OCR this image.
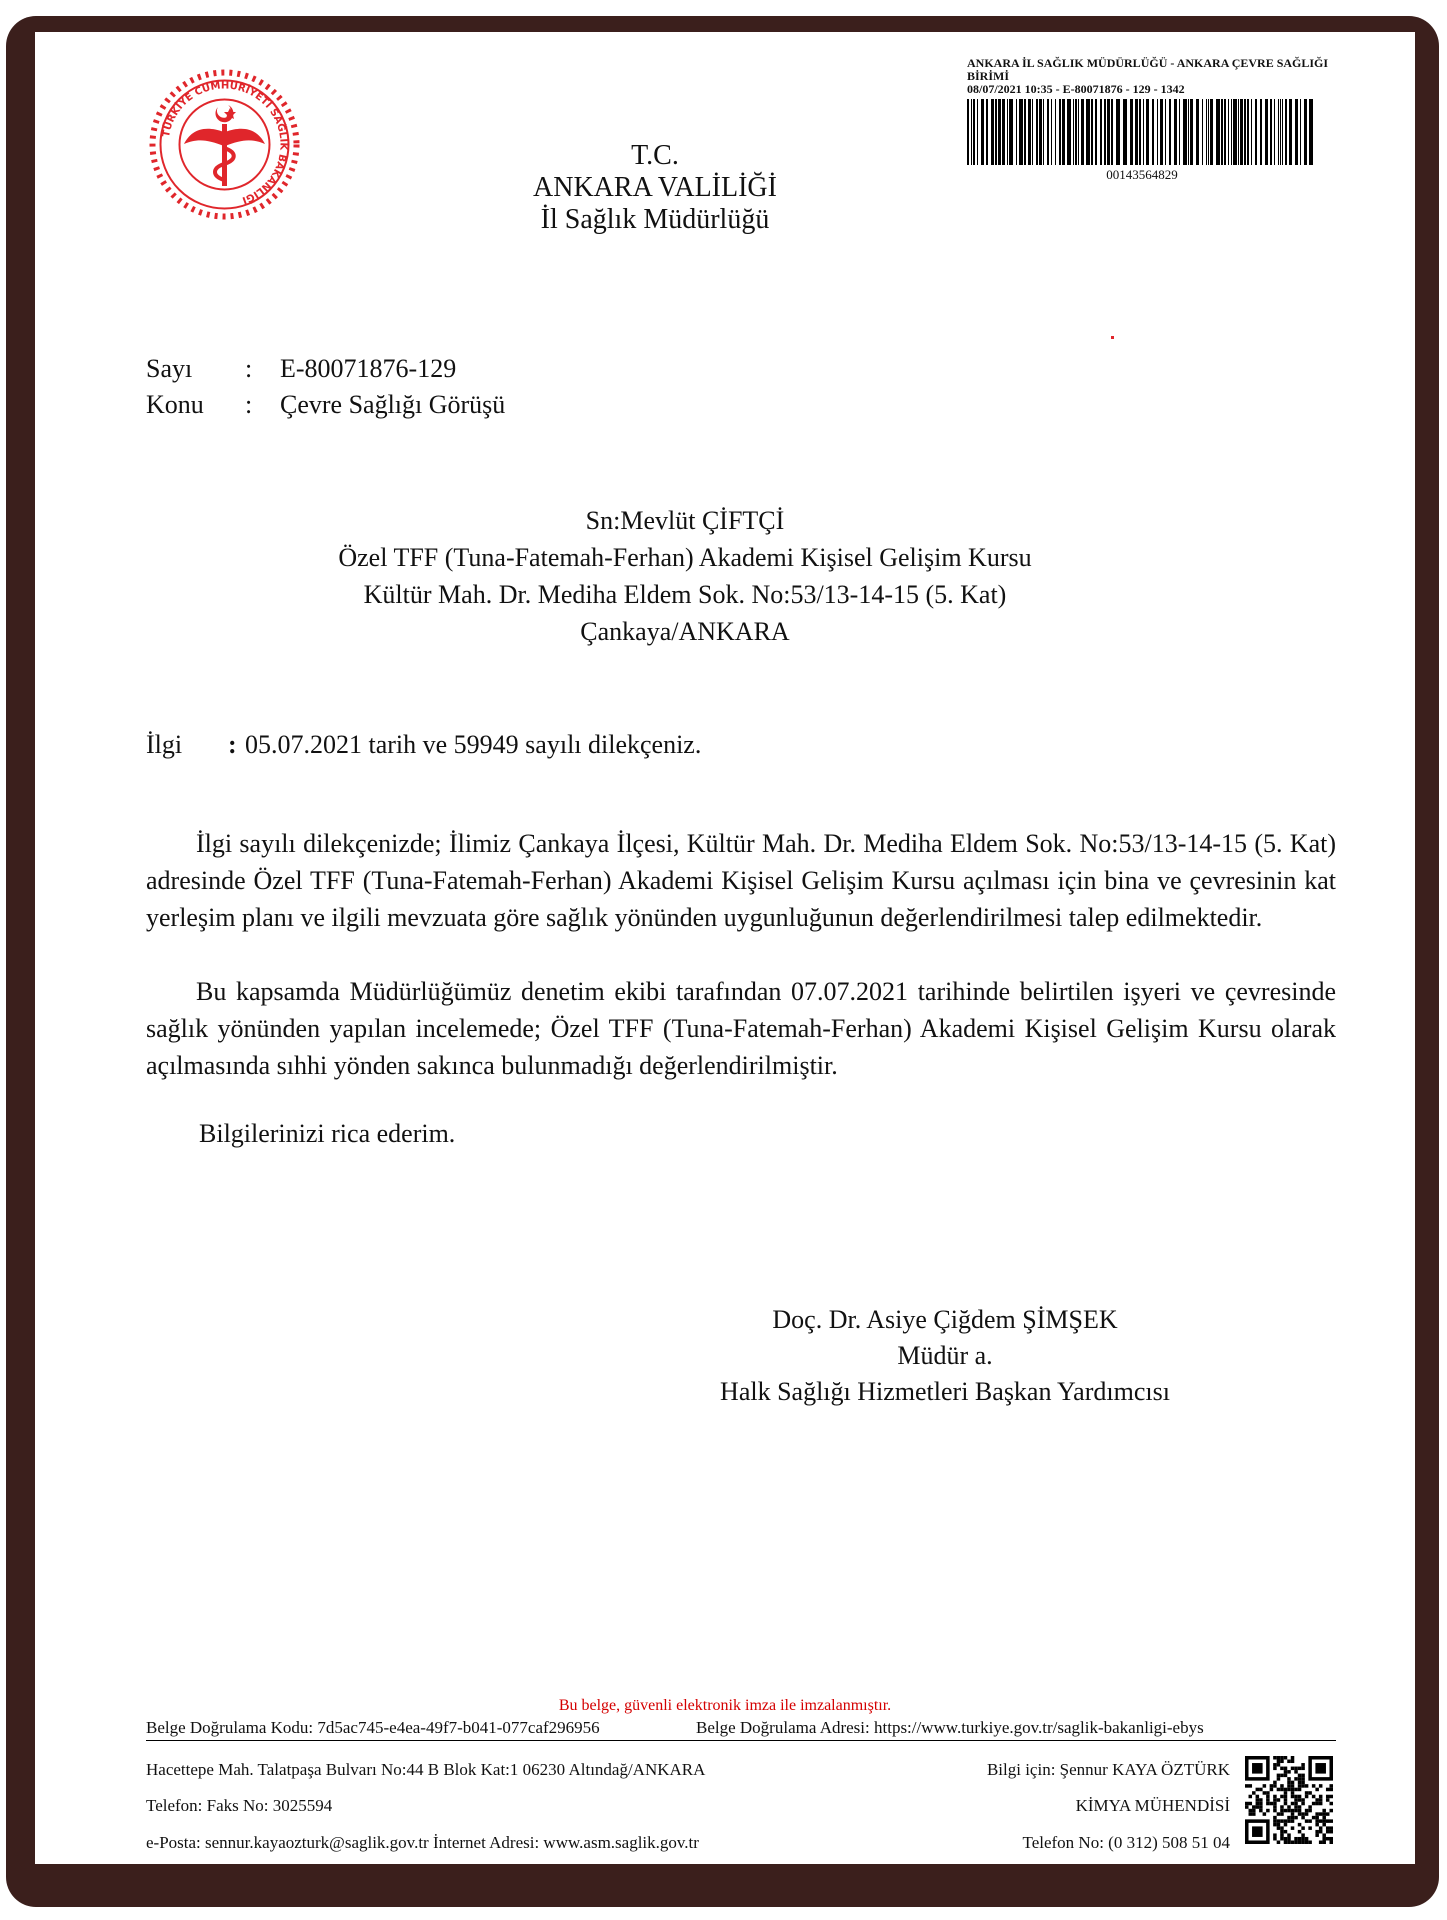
TÜRKİYE CUMHURİYETİ SAĞLIK BAKANLIĞI
ANKARA İL SAĞLIK MÜDÜRLÜĞÜ - ANKARA ÇEVRE SAĞLIĞI BİRİMİ
08/07/2021 10:35 - E-80071876 - 129 - 1342
00143564829
T.C.
ANKARA VALİLİĞİ
İl Sağlık Müdürlüğü
Sayı : E-80071876-129
Konu : Çevre Sağlığı Görüşü
Sn:Mevlüt ÇİFTÇİ
Özel TFF (Tuna-Fatemah-Ferhan) Akademi Kişisel Gelişim Kursu
Kültür Mah. Dr. Mediha Eldem Sok. No:53/13-14-15 (5. Kat)
Çankaya/ANKARA
İlgi : 05.07.2021 tarih ve 59949 sayılı dilekçeniz.
İlgi sayılı dilekçenizde; İlimiz Çankaya İlçesi, Kültür Mah. Dr. Mediha Eldem Sok. No:53/13-14-15 (5. Kat) adresinde Özel TFF (Tuna-Fatemah-Ferhan) Akademi Kişisel Gelişim Kursu açılması için bina ve çevresinin kat yerleşim planı ve ilgili mevzuata göre sağlık yönünden uygunluğunun değerlendirilmesi talep edilmektedir.
Bu kapsamda Müdürlüğümüz denetim ekibi tarafından 07.07.2021 tarihinde belirtilen işyeri ve çevresinde sağlık yönünden yapılan incelemede; Özel TFF (Tuna-Fatemah-Ferhan) Akademi Kişisel Gelişim Kursu olarak açılmasında sıhhi yönden sakınca bulunmadığı değerlendirilmiştir.
Bilgilerinizi rica ederim.
Doç. Dr. Asiye Çiğdem ŞİMŞEK
Müdür a.
Halk Sağlığı Hizmetleri Başkan Yardımcısı
Bu belge, güvenli elektronik imza ile imzalanmıştır.
Belge Doğrulama Kodu: 7d5ac745-e4ea-49f7-b041-077caf296956	Belge Doğrulama Adresi: https://www.turkiye.gov.tr/saglik-bakanligi-ebys
Hacettepe Mah. Talatpaşa Bulvarı No:44 B Blok Kat:1 06230 Altındağ/ANKARA
Telefon: Faks No: 3025594
e-Posta: sennur.kayaozturk@saglik.gov.tr İnternet Adresi: www.asm.saglik.gov.tr
Bilgi için: Şennur KAYA ÖZTÜRK
KİMYA MÜHENDİSİ
Telefon No: (0 312) 508 51 04
